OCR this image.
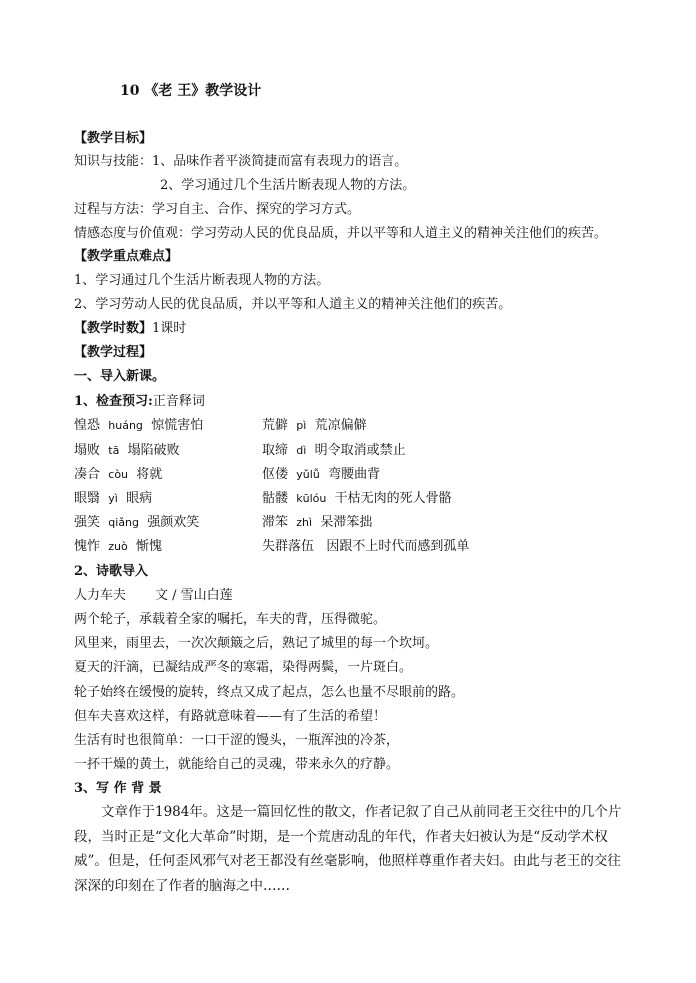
10 《老 王》教学设计
【教学目标】
知识与技能：1、品味作者平淡简捷而富有表现力的语言。
2、学习通过几个生活片断表现人物的方法。
过程与方法：学习自主、合作、探究的学习方式。
情感态度与价值观：学习劳动人民的优良品质，并以平等和人道主义的精神关注他们的疾苦。
【教学重点难点】
1、学习通过几个生活片断表现人物的方法。
2、学习劳动人民的优良品质，并以平等和人道主义的精神关注他们的疾苦。
【教学时数】1课时
【教学过程】
一、导入新课。
1、检查预习:正音释词
惶恐 huáng 惊慌害怕	荒僻 pì 荒凉偏僻
塌败 tā 塌陷破败	取缔 dì 明令取消或禁止
凑合 còu 将就	伛偻 yǔlǚ 弯腰曲背
眼翳 yì 眼病	骷髅 kūlóu 干枯无肉的死人骨骼
强笑 qiǎng 强颜欢笑	滞笨 zhì 呆滞笨拙
愧怍 zuò 惭愧	失群落伍 因跟不上时代而感到孤单
2、诗歌导入
人力车夫 文 / 雪山白莲
两个轮子，承载着全家的嘱托，车夫的背，压得微驼。
风里来，雨里去，一次次颠簸之后，熟记了城里的每一个坎坷。
夏天的汗滴，已凝结成严冬的寒霜，染得两鬓，一片斑白。
轮子始终在缓慢的旋转，终点又成了起点，怎么也量不尽眼前的路。
但车夫喜欢这样，有路就意味着——有了生活的希望！
生活有时也很简单：一口干涩的馒头，一瓶浑浊的冷茶，
一抔干燥的黄土，就能给自己的灵魂，带来永久的疗静。
3、写 作 背 景
文章作于1984年。这是一篇回忆性的散文，作者记叙了自己从前同老王交往中的几个片段，当时正是“文化大革命”时期，是一个荒唐动乱的年代，作者夫妇被认为是“反动学术权威”。但是，任何歪风邪气对老王都没有丝毫影响，他照样尊重作者夫妇。由此与老王的交往深深的印刻在了作者的脑海之中……
